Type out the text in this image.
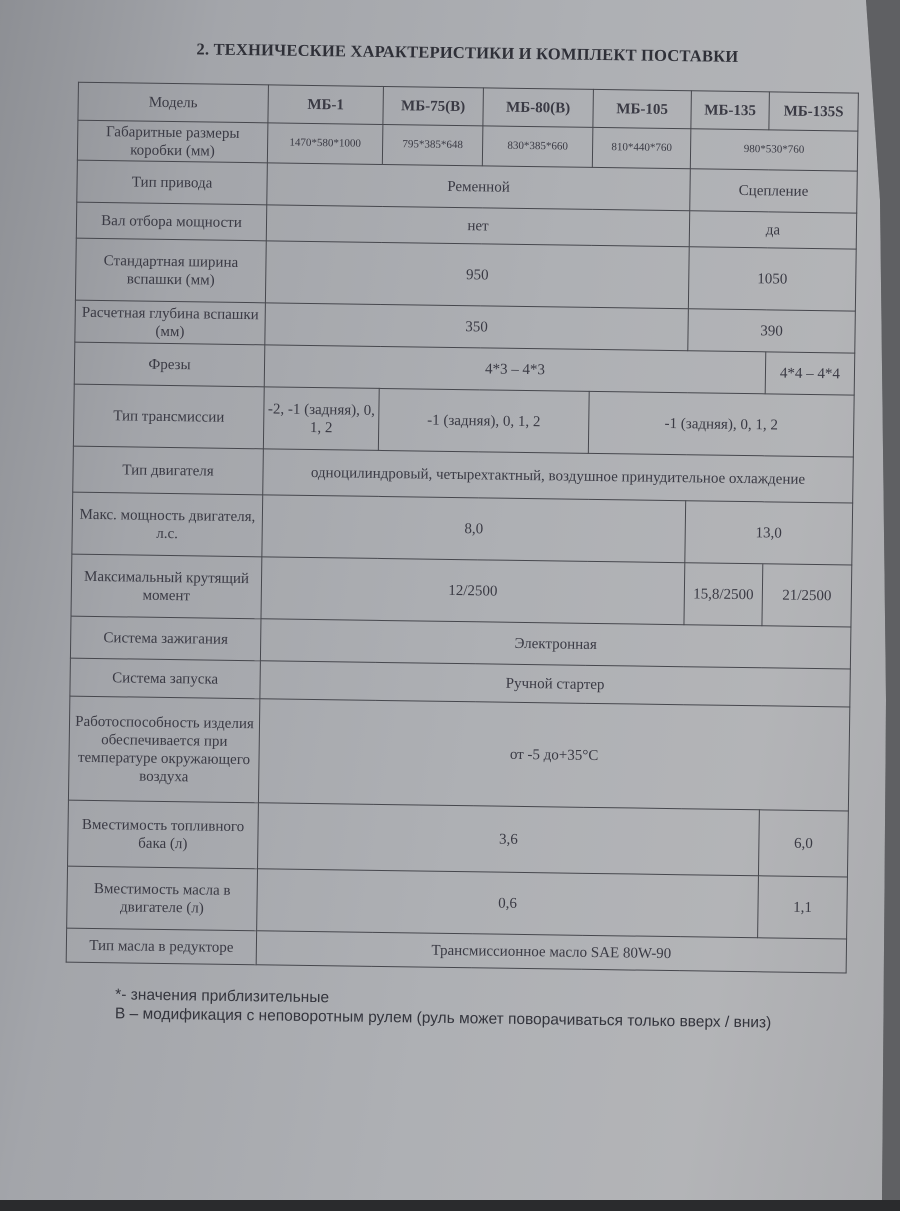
2. ТЕХНИЧЕСКИЕ ХАРАКТЕРИСТИКИ И КОМПЛЕКТ ПОСТАВКИ
Модель	МБ-1	МБ-75(В)	МБ-80(В)	МБ-105	МБ-135	МБ-135S
Габаритные размеры коробки (мм)	1470*580*1000	795*385*648	830*385*660	810*440*760	980*530*760	
Тип привода	Ременной				Сцепление	
Вал отбора мощности	нет				да	
Стандартная ширина вспашки (мм)	950				1050	
Расчетная глубина вспашки (мм)	350				390	
Фрезы	4*3 – 4*3					4*4 – 4*4
Тип трансмиссии	-2, -1 (задняя), 0, 1, 2	-1 (задняя), 0, 1, 2		-1 (задняя), 0, 1, 2		
Тип двигателя	одноцилиндровый, четырехтактный, воздушное принудительное охлаждение					
Макс. мощность двигателя, л.с.	8,0				13,0	
Максимальный крутящий момент	12/2500				15,8/2500	21/2500
Система зажигания	Электронная					
Система запуска	Ручной стартер					
Работоспособность изделия обеспечивается при температуре окружающего воздуха	от -5 до+35°С					
Вместимость топливного бака (л)	3,6					6,0
Вместимость масла в двигателе (л)	0,6					1,1
Тип масла в редукторе	Трансмиссионное масло SAE 80W-90					
*- значения приблизительные
В – модификация с неповоротным рулем (руль может поворачиваться только вверх / вниз)
